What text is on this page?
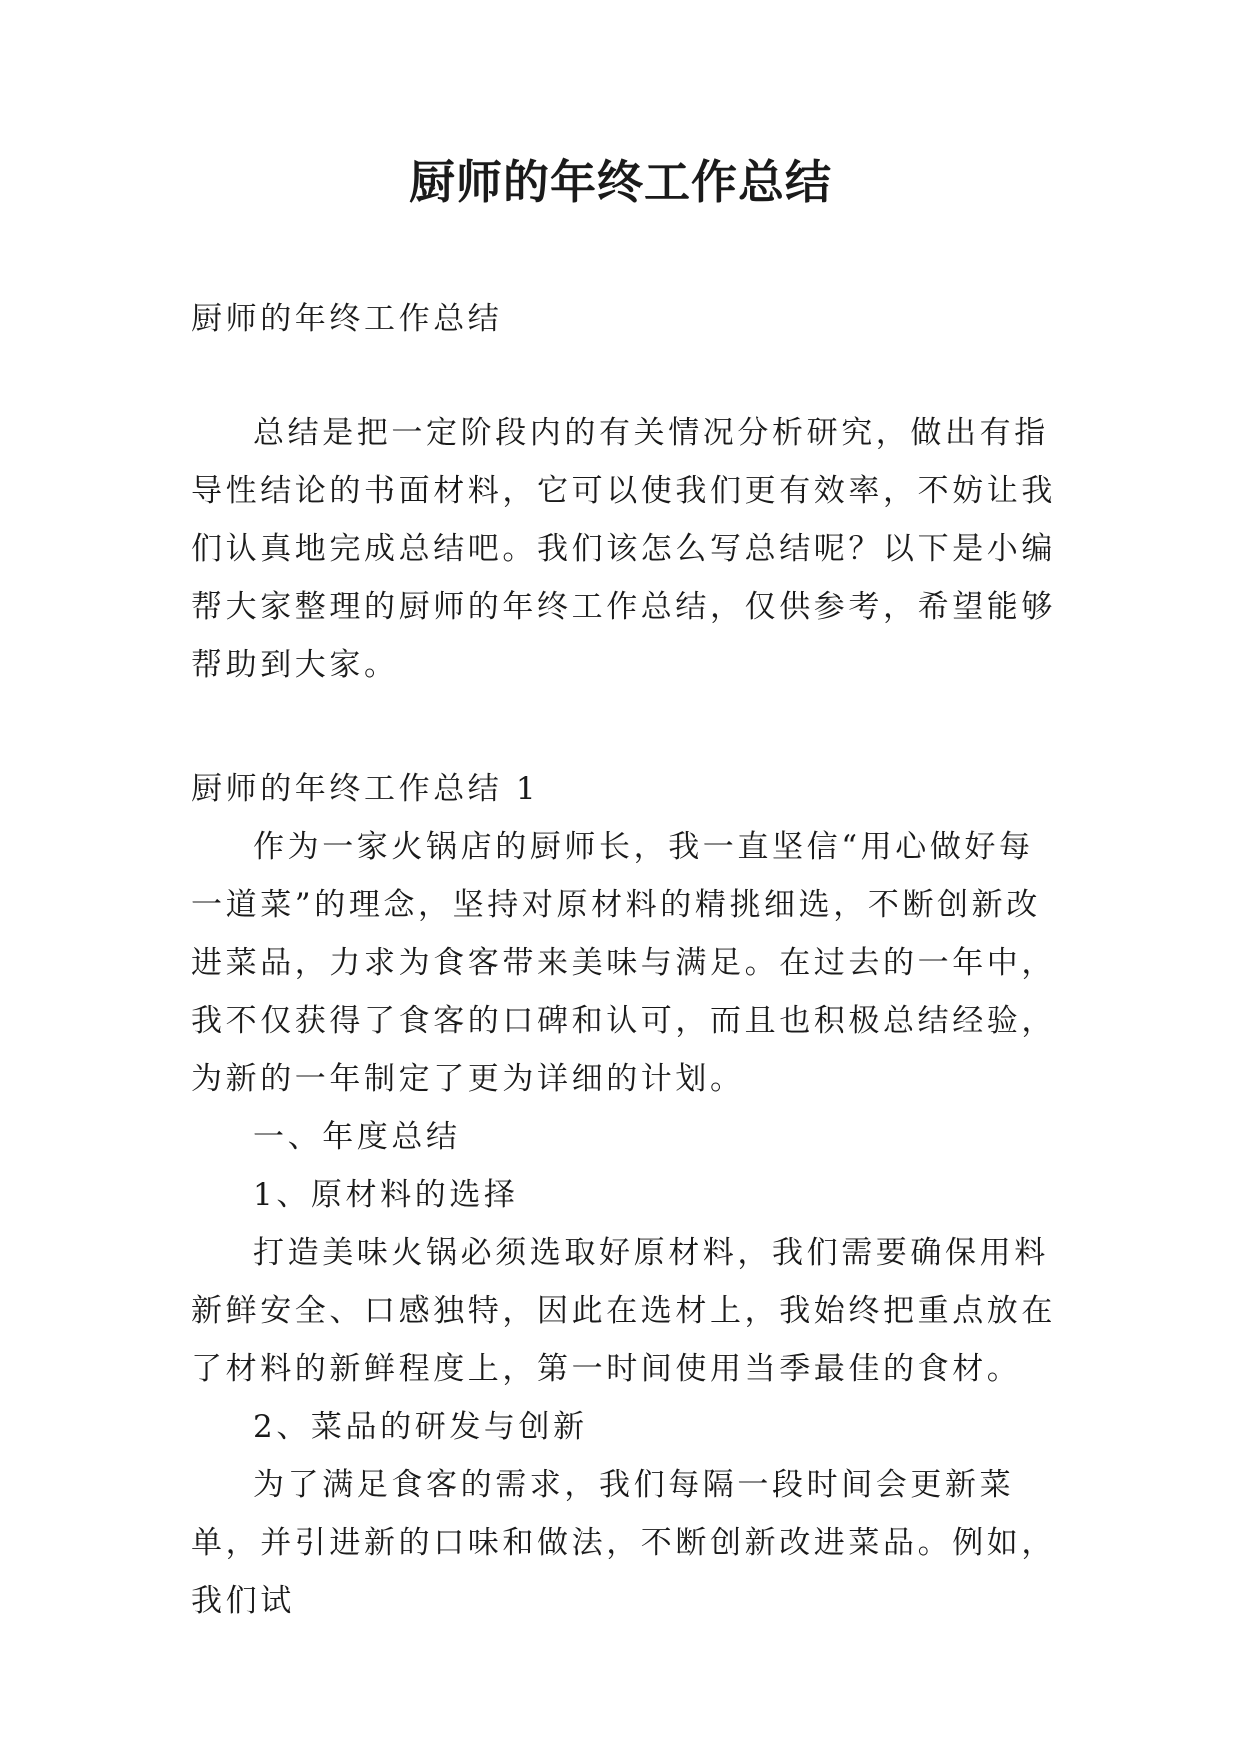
厨师的年终工作总结

厨师的年终工作总结

总结是把一定阶段内的有关情况分析研究，做出有指导性结论的书面材料，它可以使我们更有效率，不妨让我们认真地完成总结吧。我们该怎么写总结呢？以下是小编帮大家整理的厨师的年终工作总结，仅供参考，希望能够帮助到大家。

厨师的年终工作总结 1

作为一家火锅店的厨师长，我一直坚信“用心做好每一道菜”的理念，坚持对原材料的精挑细选，不断创新改进菜品，力求为食客带来美味与满足。在过去的一年中，我不仅获得了食客的口碑和认可，而且也积极总结经验，为新的一年制定了更为详细的计划。

一、年度总结

1、原材料的选择

打造美味火锅必须选取好原材料，我们需要确保用料新鲜安全、口感独特，因此在选材上，我始终把重点放在了材料的新鲜程度上，第一时间使用当季最佳的食材。

2、菜品的研发与创新

为了满足食客的需求，我们每隔一段时间会更新菜单，并引进新的口味和做法，不断创新改进菜品。例如，我们试
